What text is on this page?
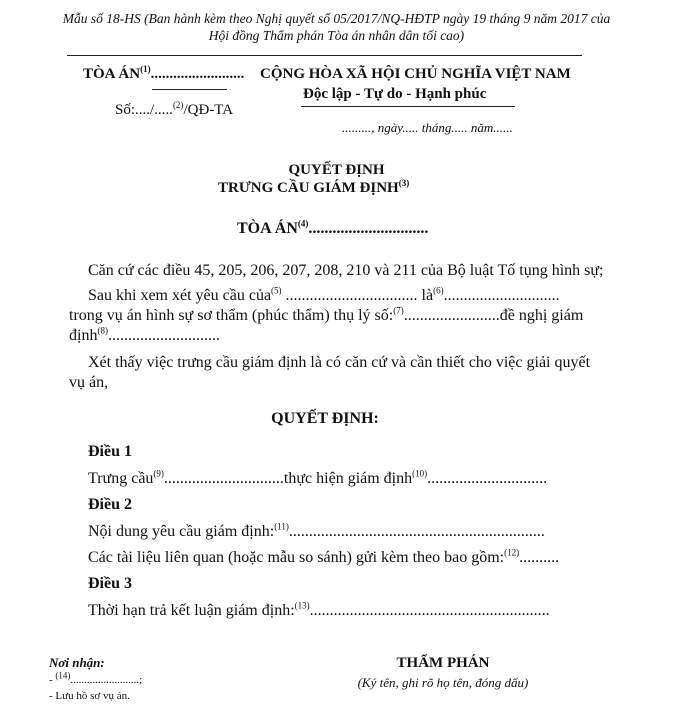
Mẫu số 18-HS (Ban hành kèm theo Nghị quyết số 05/2017/NQ-HĐTP ngày 19 tháng 9 năm 2017 của
Hội đồng Thẩm phán Tòa án nhân dân tối cao)
TÒA ÁN$^{(1)}$.........................
Số:..../.....$^{(2)}$/QĐ-TA
CỘNG HÒA XÃ HỘI CHỦ NGHĨA VIỆT NAM
Độc lập - Tự do - Hạnh phúc
........., ngày..... tháng..... năm......
QUYẾT ĐỊNH
TRƯNG CẦU GIÁM ĐỊNH$^{(3)}$
TÒA ÁN$^{(4)}$..............................
Căn cứ các điều 45, 205, 206, 207, 208, 210 và 211 của Bộ luật Tố tụng hình sự;
Sau khi xem xét yêu cầu của$^{(5)}$ ................................. $là^{(6)}$.............................
trong vụ án hình sự sơ thẩm (phúc thẩm) thụ lý số:$^{(7)}$........................đề nghị giám
định$^{(8)}$............................
Xét thấy việc trưng cầu giám định là có căn cứ và cần thiết cho việc giải quyết
vụ án,
QUYẾT ĐỊNH:
Điều 1
Trưng cầu$^{(9)}$..............................thực hiện giám định$^{(10)}$..............................
Điều 2
Nội dung yêu cầu giám định:$^{(11)}$................................................................
Các tài liệu liên quan (hoặc mẫu so sánh) gửi kèm theo bao gồm:$^{(12)}$..........
Điều 3
Thời hạn trả kết luận giám định:$^{(13)}$............................................................
Nơi nhận:
- $^{(14)}$.........................;
- Lưu hồ sơ vụ án.
THẨM PHÁN
(Ký tên, ghi rõ họ tên, đóng dấu)
